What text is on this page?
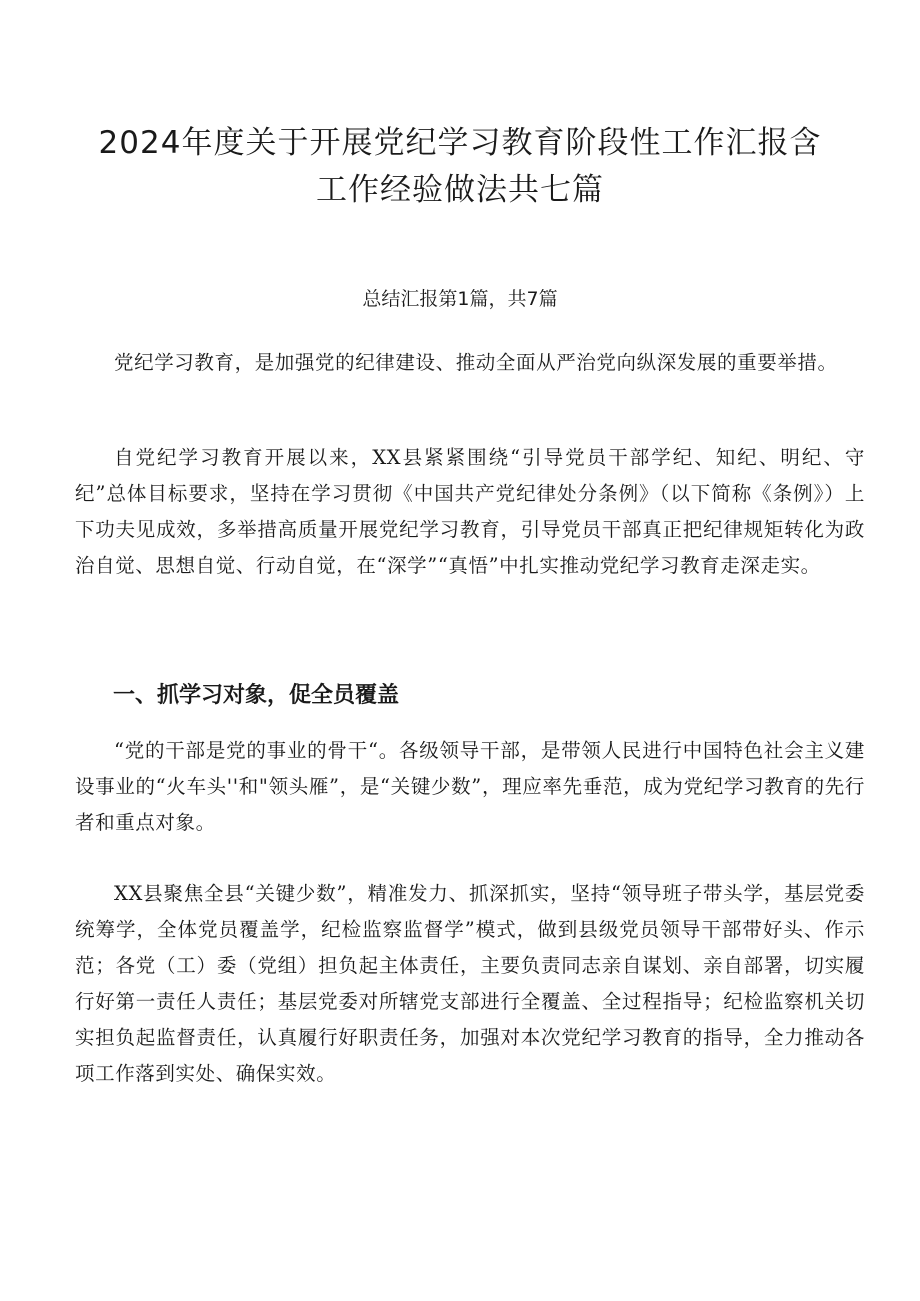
2024年度关于开展党纪学习教育阶段性工作汇报含
工作经验做法共七篇
总结汇报第1篇，共7篇

党纪学习教育，是加强党的纪律建设、推动全面从严治党向纵深发展的重要举措。

自党纪学习教育开展以来，XX县紧紧围绕“引导党员干部学纪、知纪、明纪、守纪”总体目标要求，坚持在学习贯彻《中国共产党纪律处分条例》（以下简称《条例》）上下功夫见成效，多举措高质量开展党纪学习教育，引导党员干部真正把纪律规矩转化为政治自觉、思想自觉、行动自觉，在“深学”“真悟”中扎实推动党纪学习教育走深走实。

一、抓学习对象，促全员覆盖

“党的干部是党的事业的骨干“。各级领导干部，是带领人民进行中国特色社会主义建设事业的“火车头''和"领头雁”，是“关键少数”，理应率先垂范，成为党纪学习教育的先行者和重点对象。

XX县聚焦全县“关键少数”，精准发力、抓深抓实，坚持“领导班子带头学，基层党委统筹学，全体党员覆盖学，纪检监察监督学”模式，做到县级党员领导干部带好头、作示范；各党（工）委（党组）担负起主体责任，主要负责同志亲自谋划、亲自部署，切实履行好第一责任人责任；基层党委对所辖党支部进行全覆盖、全过程指导；纪检监察机关切实担负起监督责任，认真履行好职责任务，加强对本次党纪学习教育的指导，全力推动各项工作落到实处、确保实效。
